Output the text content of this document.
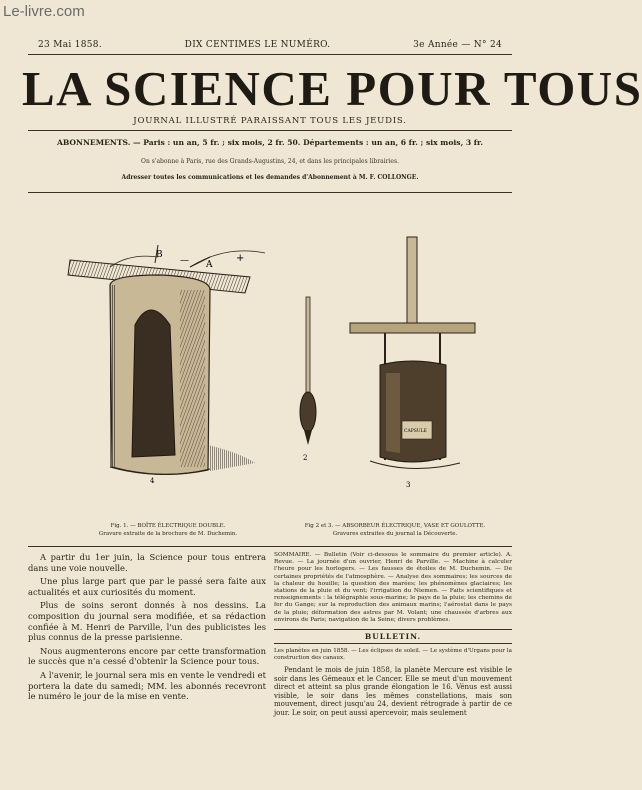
Le-livre.com
23 Mai 1858.	DIX CENTIMES LE NUMÉRO.	3e Année — N° 24
LA SCIENCE POUR TOUS
JOURNAL ILLUSTRÉ PARAISSANT TOUS LES JEUDIS.
ABONNEMENTS. — Paris : un an, 5 fr. ; six mois, 2 fr. 50. Départements : un an, 6 fr. ; six mois, 3 fr.
On s'abonne à Paris, rue des Grands-Augustins, 24, et dans les principales librairies.
Adresser toutes les communications et les demandes d'Abonnement à M. F. COLLONGE.
B
A
+
—
4
2
CAPSULE
3
Fig. 1. — BOÎTE ÉLECTRIQUE DOUBLE.
Gravure extraite de la brochure de M. Duchemin.
Fig 2 et 3. — ABSORBEUR ÉLECTRIQUE, VASE ET GOULOTTE.
Gravures extraites du journal la Découverte.

A partir du 1er juin, la Science pour tous entrera dans une voie nouvelle.

Une plus large part que par le passé sera faite aux actualités et aux curiosités du moment.

Plus de soins seront donnés à nos dessins. La composition du journal sera modifiée, et sa rédaction confiée à M. Henri de Parville, l'un des publicistes les plus connus de la presse parisienne.

Nous augmenterons encore par cette transformation le succès que n'a cessé d'obtenir la Science pour tous.

A l'avenir, le journal sera mis en vente le vendredi et portera la date du samedi; MM. les abonnés recevront le numéro le jour de la mise en vente.

SOMMAIRE. — Bulletin (Voir ci-dessous le sommaire du premier article). A. Revue. — La journée d'un ouvrier, Henri de Parville. — Machine à calculer l'heure pour les horlogers. — Les fausses de étoiles de M. Duchemin. — De certaines propriétés de l'atmosphère. — Analyse des sommaires; les sources de la chaleur du houille; la question des marées; les phénomènes glaciaires; les stations de la pluie et du vent; l'irrigation du Niemen. — Faits scientifiques et renseignements : la télégraphie sous-marine; le pays de la pluie; les chemins de fer du Gange; sur la reproduction des animaux marins; l'aérostat dans le pays de la pluie; déformation des astres par M. Volant; une chaussée d'arbres aux environs de Paris; navigation de la Seine; divers problèmes.
BULLETIN.
Les planètes en juin 1858. — Les éclipses de soleil. — Le système d'Urgans pour la construction des canaux.
Pendant le mois de juin 1858, la planète Mercure est visible le soir dans les Gémeaux et le Cancer. Elle se meut d'un mouvement direct et atteint sa plus grande élongation le 16. Vénus est aussi visible, le soir dans les mêmes constellations, mais son mouvement, direct jusqu'au 24, devient rétrograde à partir de ce jour. Le soir, on peut aussi apercevoir, mais seulement
